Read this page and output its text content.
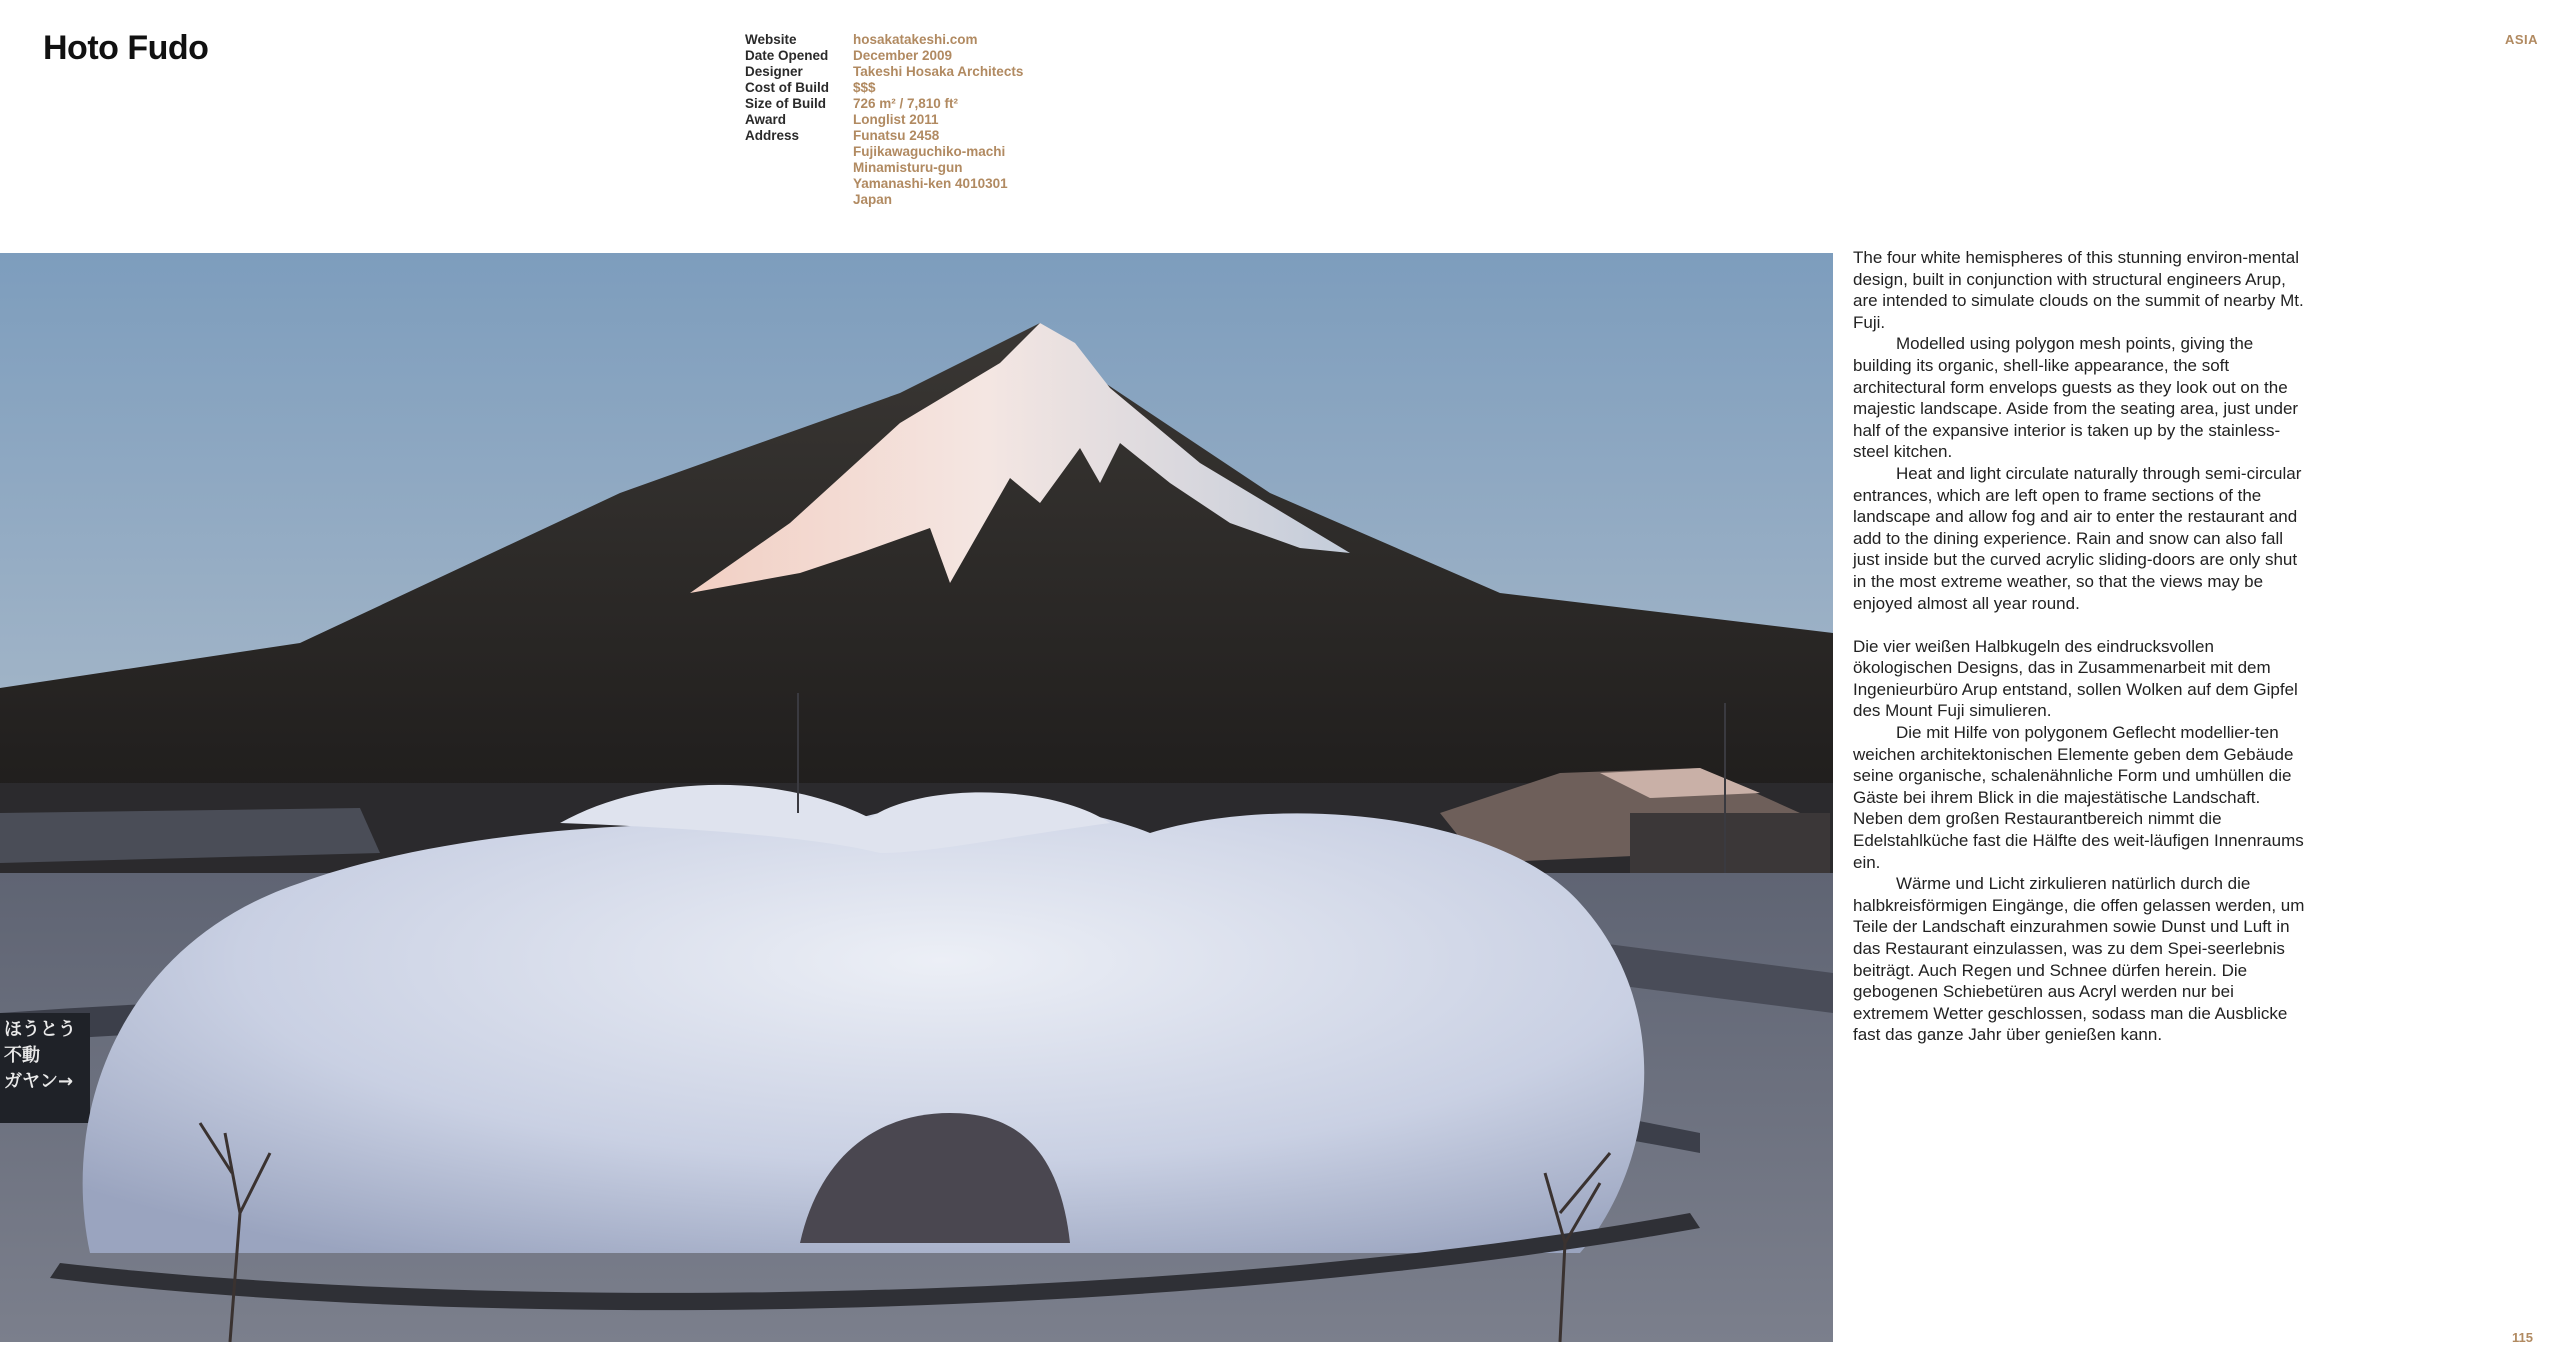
Hoto Fudo	Website	hosakatakeshi.com
Date Opened	December 2009
Designer	Takeshi Hosaka Architects
Cost of Build	$$$
Size of Build	726 m² / 7,810 ft²
Award	Longlist 2011
Address	Funatsu 2458
Fujikawaguchiko-machi
Minamisturu-gun
Yamanashi-ken 4010301
Japan
ASIA
ほうとう
不動
ガヤン →

The four white hemispheres of this stunning environ-mental design, built in conjunction with structural engineers Arup, are intended to simulate clouds on the summit of nearby Mt. Fuji.

Modelled using polygon mesh points, giving the building its organic, shell-like appearance, the soft architectural form envelops guests as they look out on the majestic landscape. Aside from the seating area, just under half of the expansive interior is taken up by the stainless-steel kitchen.

Heat and light circulate naturally through semi-circular entrances, which are left open to frame sections of the landscape and allow fog and air to enter the restaurant and add to the dining experience. Rain and snow can also fall just inside but the curved acrylic sliding-doors are only shut in the most extreme weather, so that the views may be enjoyed almost all year round.

Die vier weißen Halbkugeln des eindrucksvollen ökologischen Designs, das in Zusammenarbeit mit dem Ingenieurbüro Arup entstand, sollen Wolken auf dem Gipfel des Mount Fuji simulieren.

Die mit Hilfe von polygonem Geflecht modellier-ten weichen architektonischen Elemente geben dem Gebäude seine organische, schalenähnliche Form und umhüllen die Gäste bei ihrem Blick in die majestätische Landschaft. Neben dem großen Restaurantbereich nimmt die Edelstahlküche fast die Hälfte des weit-läufigen Innenraums ein.

Wärme und Licht zirkulieren natürlich durch die halbkreisförmigen Eingänge, die offen gelassen werden, um Teile der Landschaft einzurahmen sowie Dunst und Luft in das Restaurant einzulassen, was zu dem Spei-seerlebnis beiträgt. Auch Regen und Schnee dürfen herein. Die gebogenen Schiebetüren aus Acryl werden nur bei extremem Wetter geschlossen, sodass man die Ausblicke fast das ganze Jahr über genießen kann.

115
